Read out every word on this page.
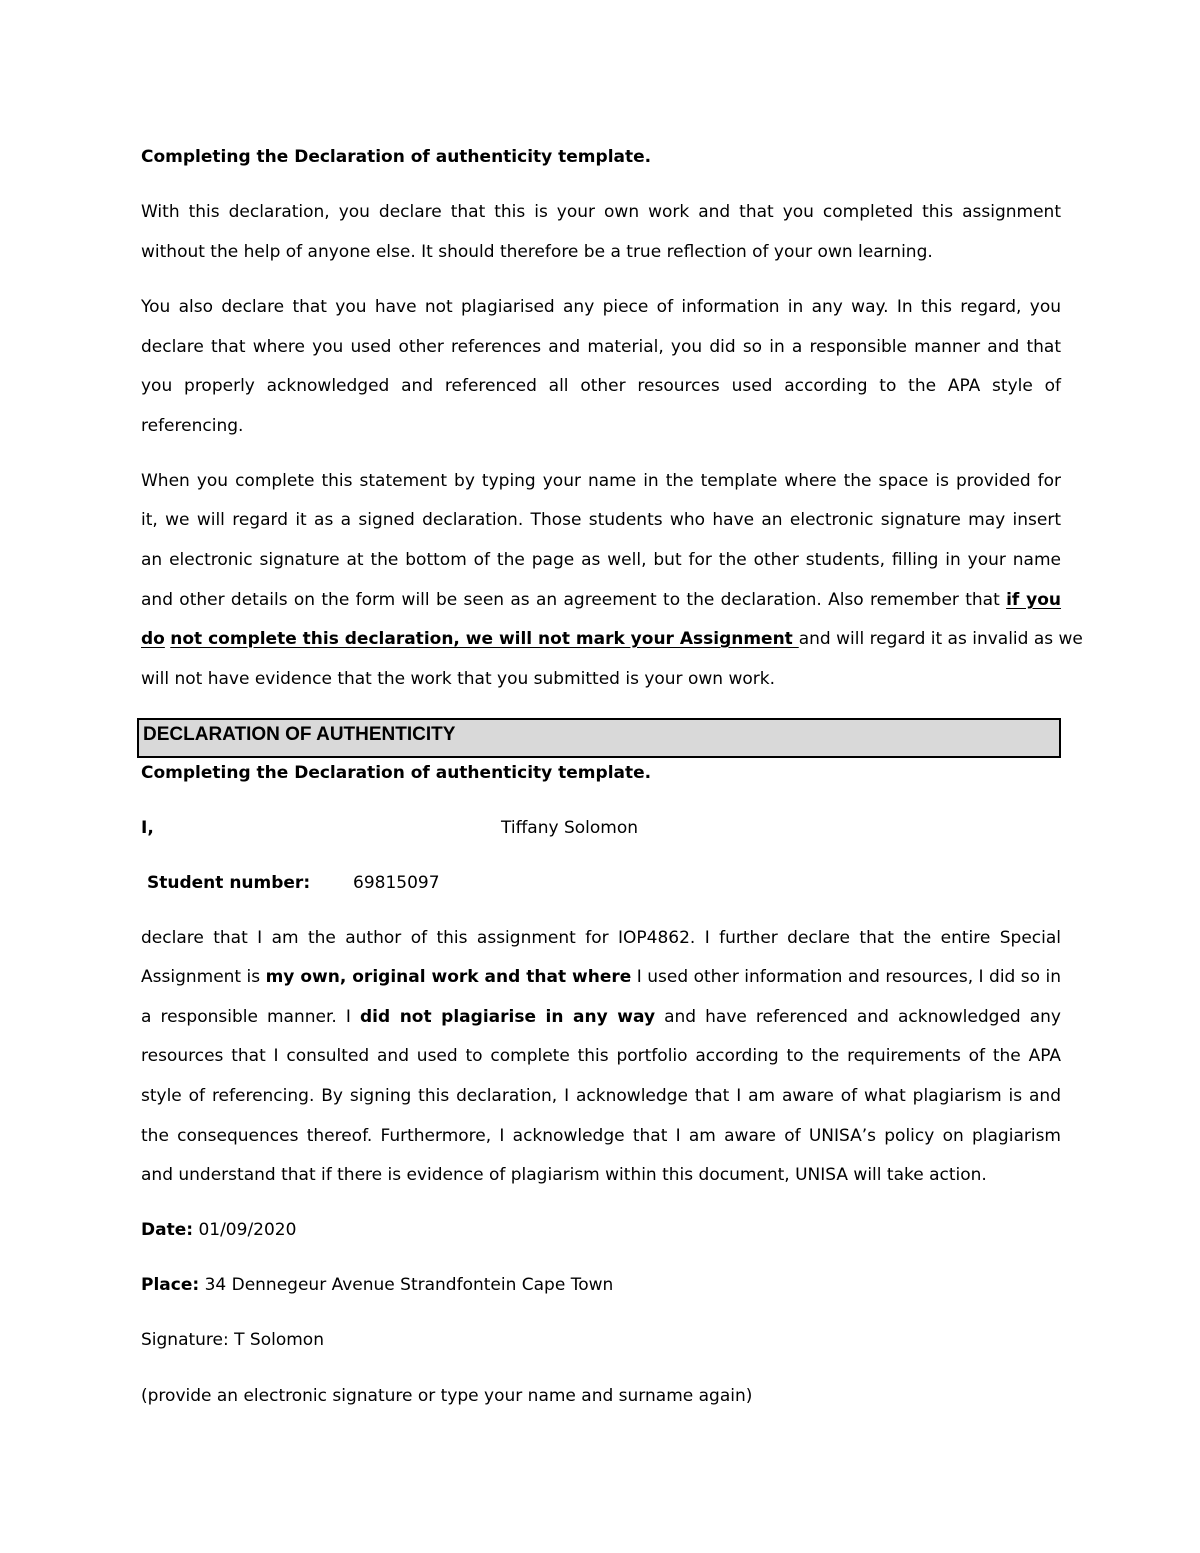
Completing the Declaration of authenticity template.
With this declaration, you declare that this is your own work and that you completed this assignment
without the help of anyone else. It should therefore be a true reflection of your own learning.
You also declare that you have not plagiarised any piece of information in any way. In this regard, you
declare that where you used other references and material, you did so in a responsible manner and that
you properly acknowledged and referenced all other resources used according to the APA style of
referencing.
When you complete this statement by typing your name in the template where the space is provided for
it, we will regard it as a signed declaration. Those students who have an electronic signature may insert
an electronic signature at the bottom of the page as well, but for the other students, filling in your name
and other details on the form will be seen as an agreement to the declaration. Also remember that if you
do not complete this declaration, we will not mark your Assignment and will regard it as invalid as we
will not have evidence that the work that you submitted is your own work.
DECLARATION OF AUTHENTICITY
Completing the Declaration of authenticity template.
I,	Tiffany Solomon
Student number:	69815097
declare that I am the author of this assignment for IOP4862. I further declare that the entire Special
Assignment is my own, original work and that where I used other information and resources, I did so in
a responsible manner. I did not plagiarise in any way and have referenced and acknowledged any
resources that I consulted and used to complete this portfolio according to the requirements of the APA
style of referencing. By signing this declaration, I acknowledge that I am aware of what plagiarism is and
the consequences thereof. Furthermore, I acknowledge that I am aware of UNISA’s policy on plagiarism
and understand that if there is evidence of plagiarism within this document, UNISA will take action.
Date: 01/09/2020
Place: 34 Dennegeur Avenue Strandfontein Cape Town
Signature: T Solomon
(provide an electronic signature or type your name and surname again)
